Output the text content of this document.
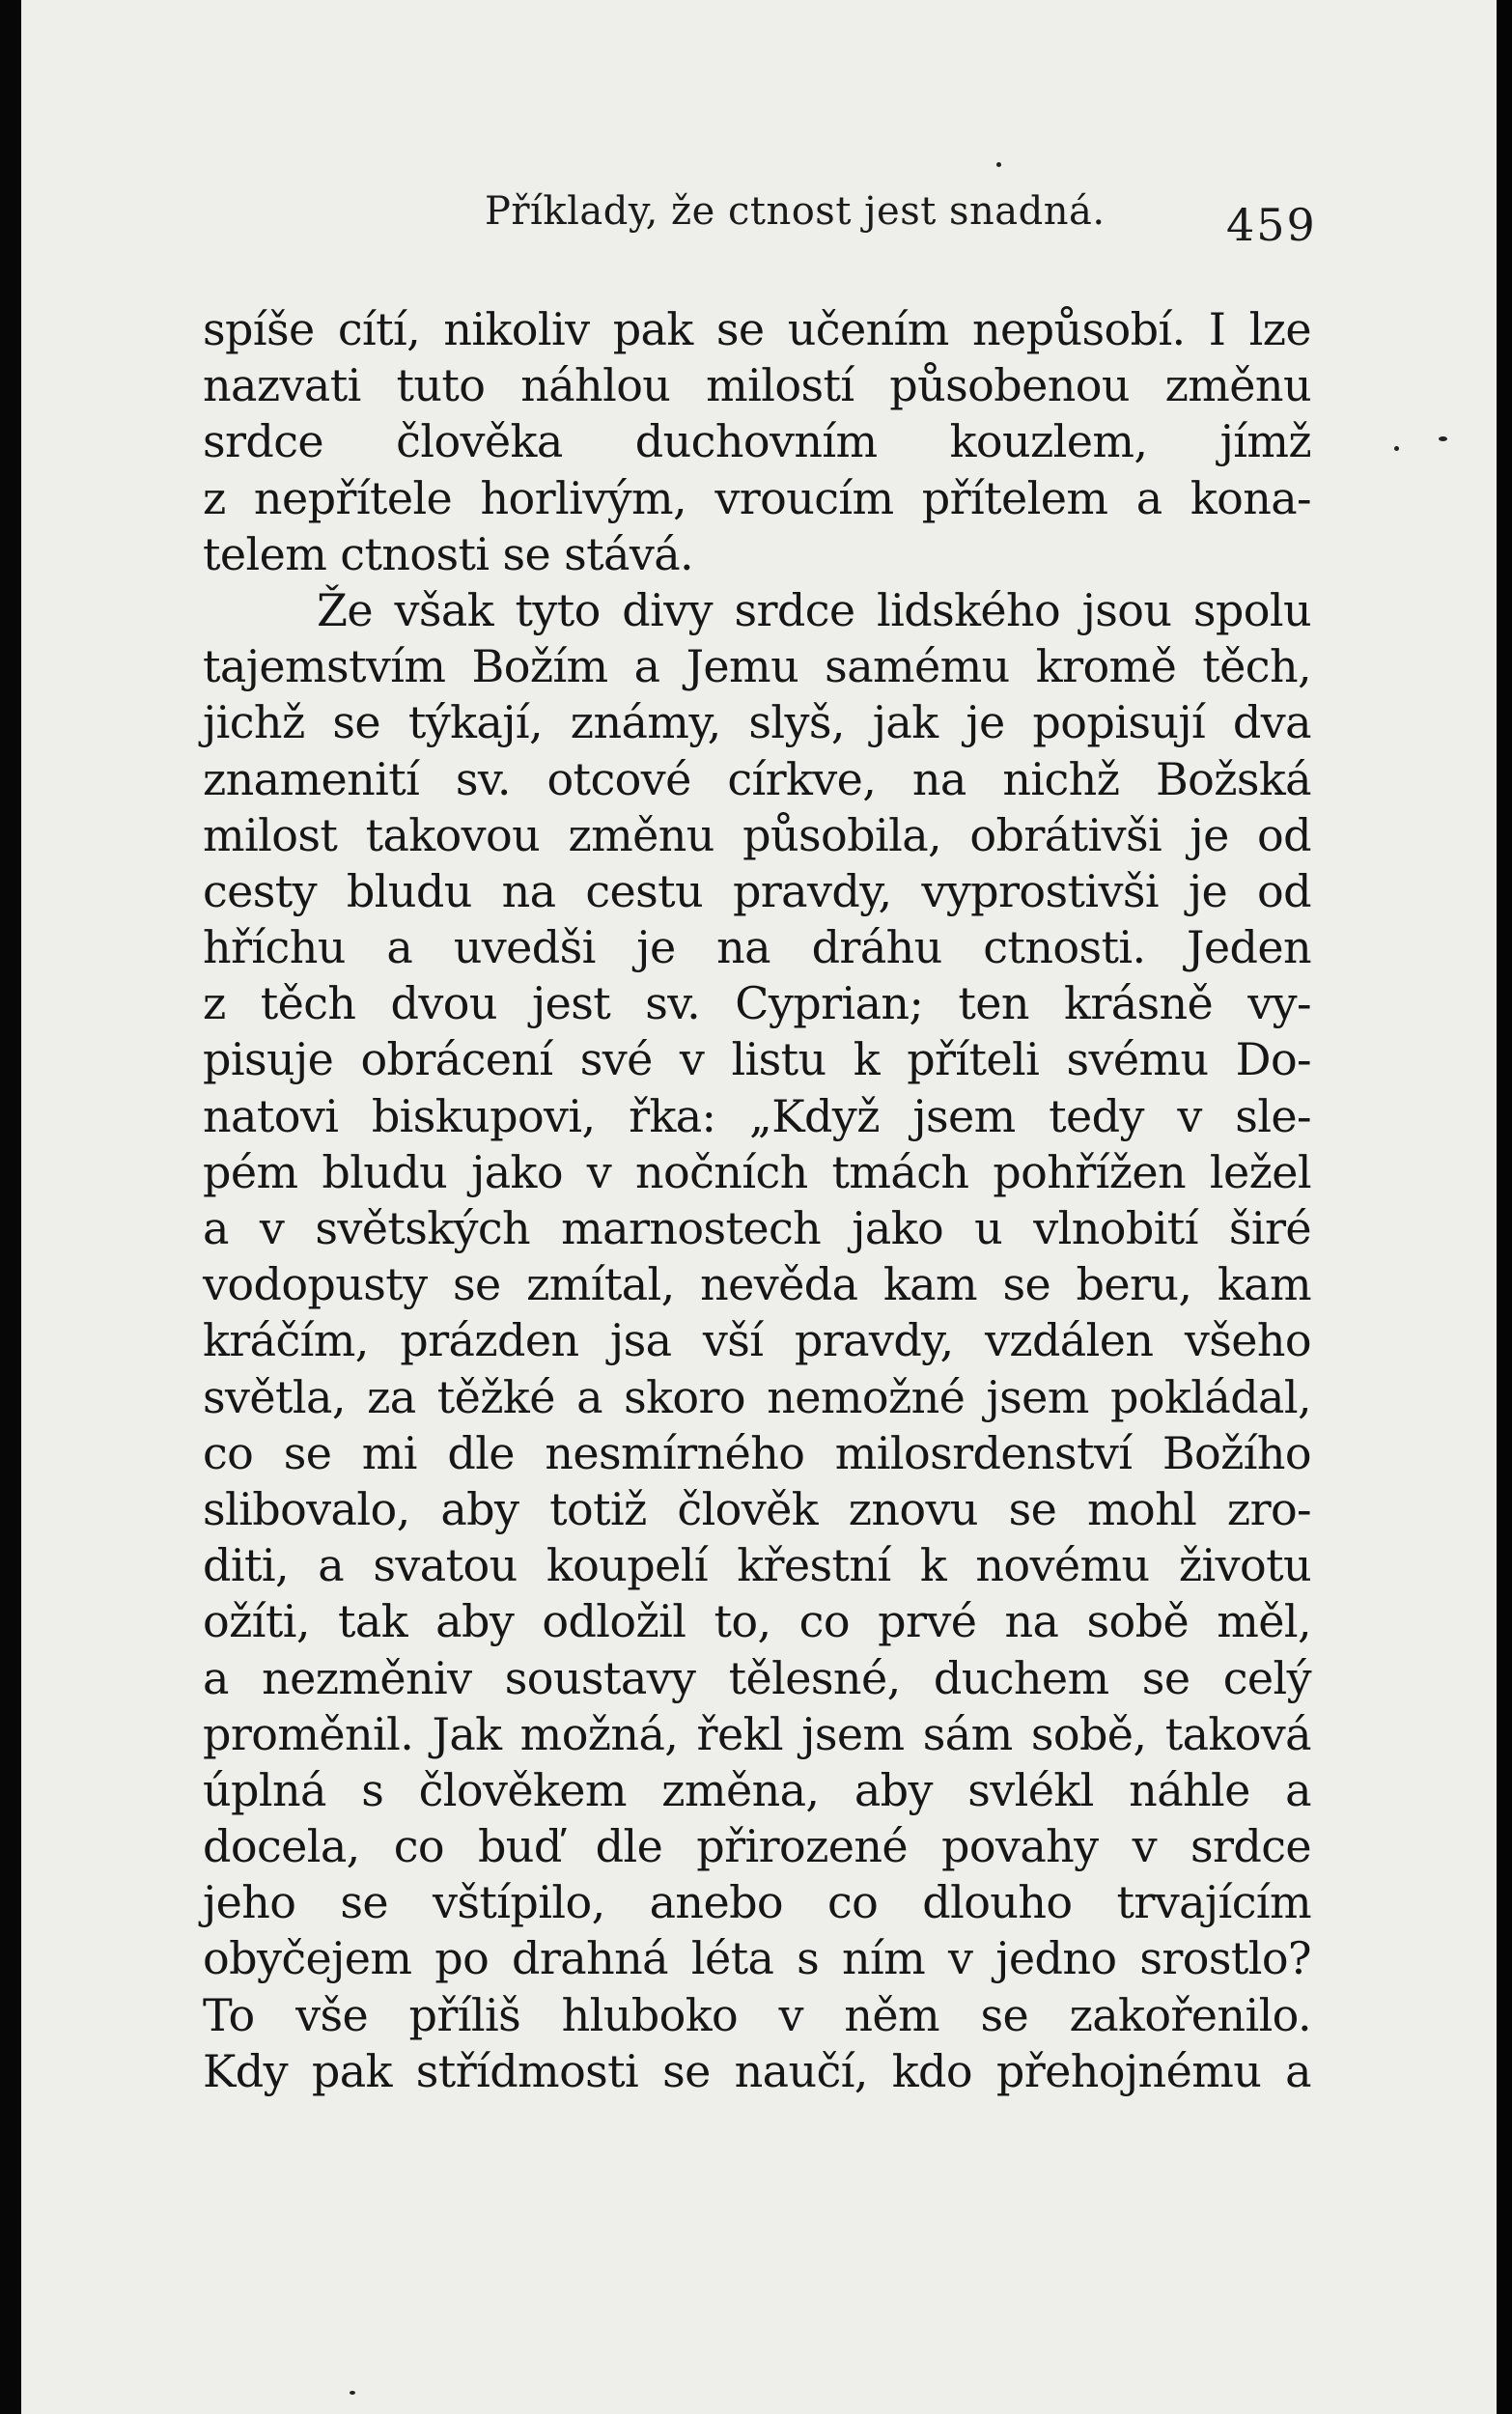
Příklady, že ctnost jest snadná.	459
spíše cítí, nikoliv pak se učením nepůsobí. I lze
nazvati tuto náhlou milostí působenou změnu
srdce člověka duchovním kouzlem, jímž
z nepřítele horlivým, vroucím přítelem a kona-
telem ctnosti se stává.
Že však tyto divy srdce lidského jsou spolu
tajemstvím Božím a Jemu samému kromě těch,
jichž se týkají, známy, slyš, jak je popisují dva
znamenití sv. otcové církve, na nichž Božská
milost takovou změnu působila, obrátivši je od
cesty bludu na cestu pravdy, vyprostivši je od
hříchu a uvedši je na dráhu ctnosti. Jeden
z těch dvou jest sv. Cyprian; ten krásně vy-
pisuje obrácení své v listu k příteli svému Do-
natovi biskupovi, řka: „Když jsem tedy v sle-
pém bludu jako v nočních tmách pohřížen ležel
a v světských marnostech jako u vlnobití širé
vodopusty se zmítal, nevěda kam se beru, kam
kráčím, prázden jsa vší pravdy, vzdálen všeho
světla, za těžké a skoro nemožné jsem pokládal,
co se mi dle nesmírného milosrdenství Božího
slibovalo, aby totiž člověk znovu se mohl zro-
diti, a svatou koupelí křestní k novému životu
ožíti, tak aby odložil to, co prvé na sobě měl,
a nezměniv soustavy tělesné, duchem se celý
proměnil. Jak možná, řekl jsem sám sobě, taková
úplná s člověkem změna, aby svlékl náhle a
docela, co buď dle přirozené povahy v srdce
jeho se vštípilo, anebo co dlouho trvajícím
obyčejem po drahná léta s ním v jedno srostlo?
To vše příliš hluboko v něm se zakořenilo.
Kdy pak střídmosti se naučí, kdo přehojnému a
